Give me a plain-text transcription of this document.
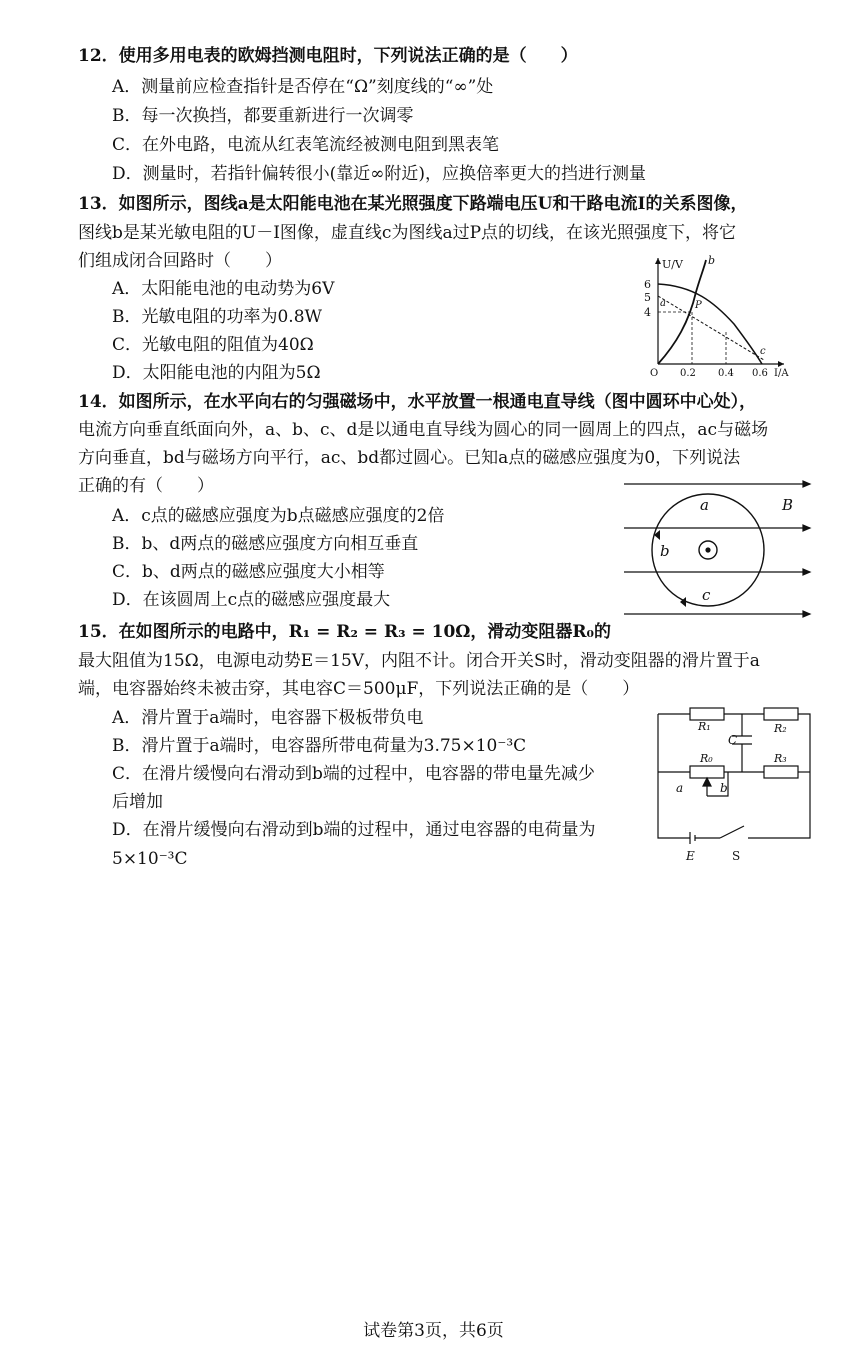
12．使用多用电表的欧姆挡测电阻时，下列说法正确的是（　　）
A．测量前应检查指针是否停在“Ω”刻度线的“∞”处
B．每一次换挡，都要重新进行一次调零
C．在外电路，电流从红表笔流经被测电阻到黑表笔
D．测量时，若指针偏转很小(靠近∞附近)，应换倍率更大的挡进行测量
13．如图所示，图线a是太阳能电池在某光照强度下路端电压U和干路电流I的关系图像，
图线b是某光敏电阻的U－I图像，虚直线c为图线a过P点的切线，在该光照强度下，将它
们组成闭合回路时（　　）
A．太阳能电池的电动势为6V
B．光敏电阻的功率为0.8W
C．光敏电阻的阻值为40Ω
D．太阳能电池的内阻为5Ω
U/V
I/A
O
6
5
4
0.2 0.4 0.6
b
a	P
c
14．如图所示，在水平向右的匀强磁场中，水平放置一根通电直导线（图中圆环中心处），
电流方向垂直纸面向外，a、b、c、d是以通电直导线为圆心的同一圆周上的四点，ac与磁场
方向垂直，bd与磁场方向平行，ac、bd都过圆心。已知a点的磁感应强度为0，下列说法
正确的有（　　）
A．c点的磁感应强度为b点磁感应强度的2倍
B．b、d两点的磁感应强度方向相互垂直
C．b、d两点的磁感应强度大小相等
D．在该圆周上c点的磁感应强度最大
a
b
c
B
15．在如图所示的电路中，R₁ = R₂ = R₃ = 10Ω，滑动变阻器R₀的
最大阻值为15Ω，电源电动势E＝15V，内阻不计。闭合开关S时，滑动变阻器的滑片置于a
端，电容器始终未被击穿，其电容C＝500μF，下列说法正确的是（　　）
A．滑片置于a端时，电容器下极板带负电
B．滑片置于a端时，电容器所带电荷量为3.75×10⁻³C
C．在滑片缓慢向右滑动到b端的过程中，电容器的带电量先减少
后增加
D．在滑片缓慢向右滑动到b端的过程中，通过电容器的电荷量为
5×10⁻³C
R₁	R₂
C
R₀	R₃
a	b
E	S
试卷第3页，共6页
